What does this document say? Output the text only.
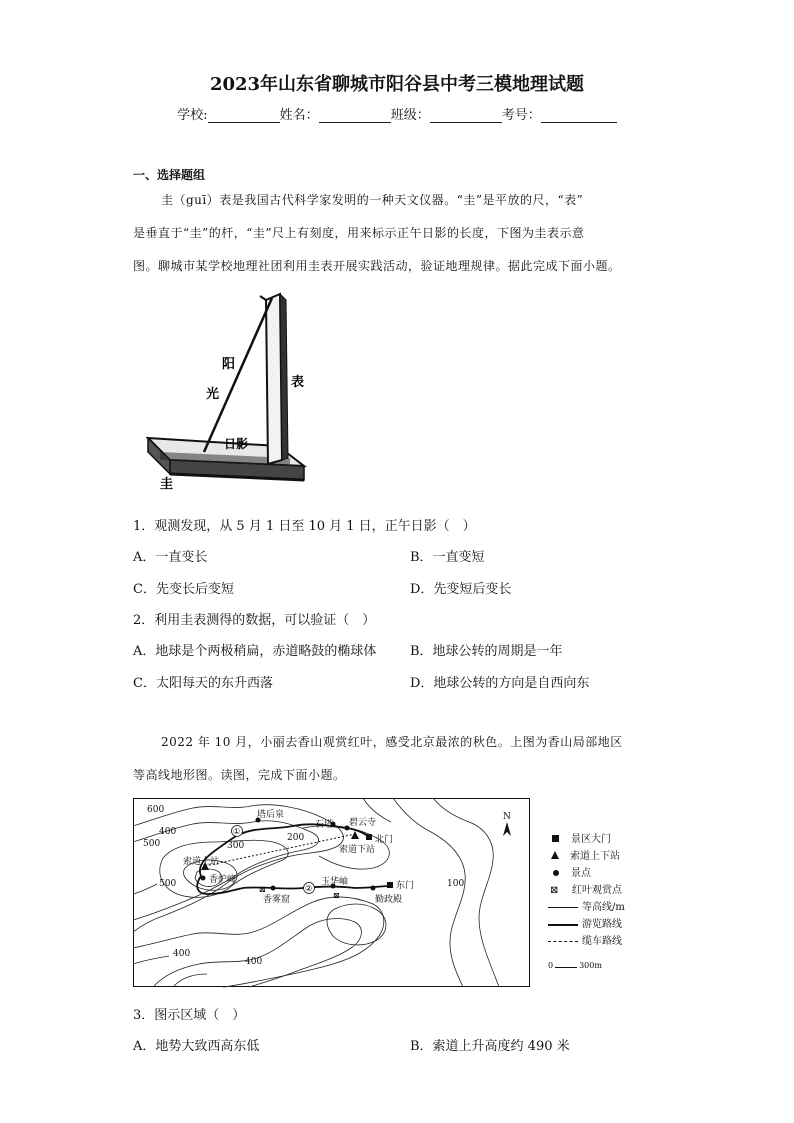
2023年山东省聊城市阳谷县中考三模地理试题
学校:	姓名：	班级：	考号：
一、选择题组
圭（guī）表是我国古代科学家发明的一种天文仪器。“圭”是平放的尺，“表”
是垂直于“圭”的杆，“圭”尺上有刻度，用来标示正午日影的长度，下图为圭表示意
图。聊城市某学校地理社团利用圭表开展实践活动，验证地理规律。据此完成下面小题。
阳
光
表
日影
圭
1．观测发现，从 5 月 1 日至 10 月 1 日，正午日影（　）
A．一直变长	B．一直变短
C．先变长后变短	D．先变短后变长
2．利用圭表测得的数据，可以验证（　）
A．地球是个两极稍扁，赤道略鼓的椭球体	B．地球公转的周期是一年
C．太阳每天的东升西落	D．地球公转的方向是自西向东
2022 年 10 月，小丽去香山观赏红叶，感受北京最浓的秋色。上图为香山局部地区
等高线地形图。读图，完成下面小题。
⊠
⊠
①
②
600
400
500	300
200
500
400
400
100
塔后泉
石塔 碧云寺
北门
索道下站
索道上站
香炉峰
香雾窟
玉华岫
勤政殿
东门
N
景区大门
索道上下站
景点
⊠ 红叶观赏点
等高线/m
游览路线
缆车路线
0	300m
3．图示区域（　）
A．地势大致西高东低	B．索道上升高度约 490 米
